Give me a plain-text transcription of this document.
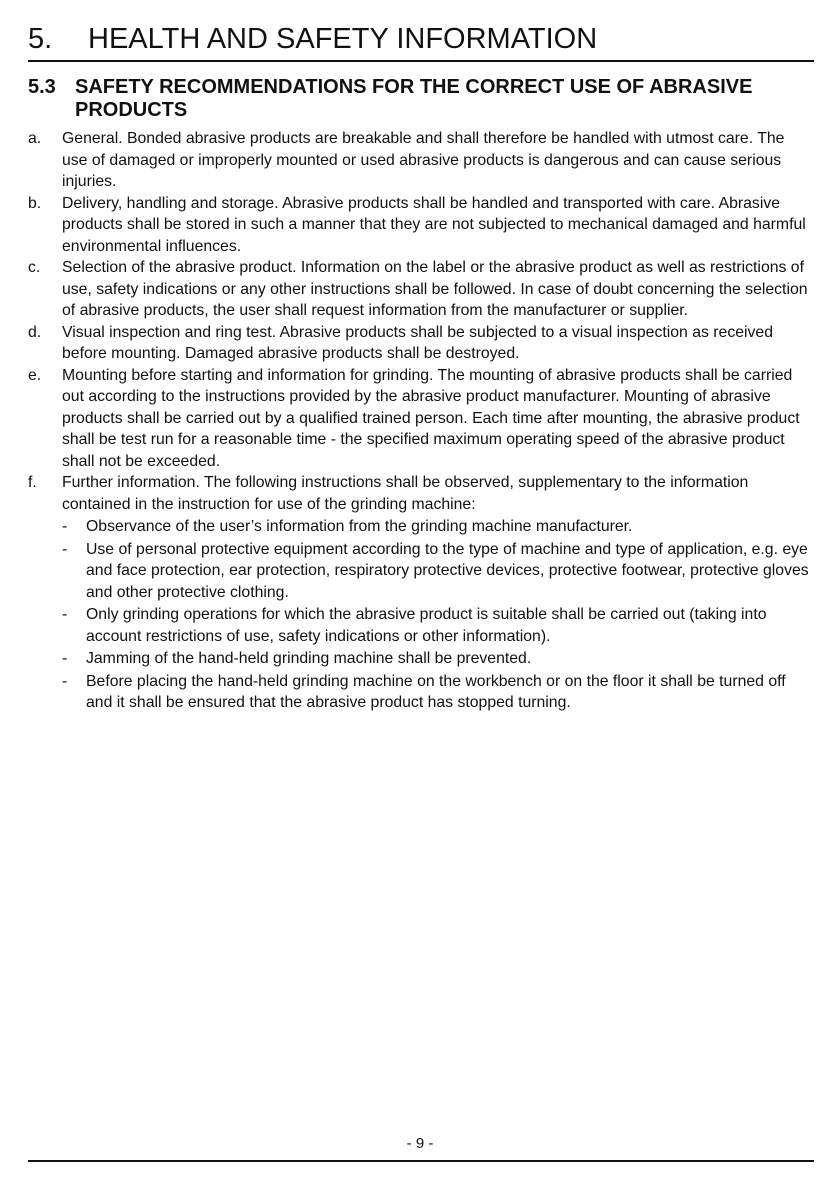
5. HEALTH AND SAFETY INFORMATION
5.3 SAFETY RECOMMENDATIONS FOR THE CORRECT USE OF ABRASIVE PRODUCTS
a. General. Bonded abrasive products are breakable and shall therefore be handled with utmost care. The use of damaged or improperly mounted or used abrasive products is dangerous and can cause serious injuries.
b. Delivery, handling and storage. Abrasive products shall be handled and transported with care. Abrasive products shall be stored in such a manner that they are not subjected to mechanical damaged and harmful environmental influences.
c. Selection of the abrasive product. Information on the label or the abrasive product as well as restrictions of use, safety indications or any other instructions shall be followed. In case of doubt concerning the selection of abrasive products, the user shall request information from the manufacturer or supplier.
d. Visual inspection and ring test. Abrasive products shall be subjected to a visual inspection as received before mounting. Damaged abrasive products shall be destroyed.
e. Mounting before starting and information for grinding. The mounting of abrasive products shall be carried out according to the instructions provided by the abrasive product manufacturer. Mounting of abrasive products shall be carried out by a qualified trained person. Each time after mounting, the abrasive product shall be test run for a reasonable time - the specified maximum operating speed of the abrasive product shall not be exceeded.
f. Further information. The following instructions shall be observed, supplementary to the information contained in the instruction for use of the grinding machine:
- Observance of the user’s information from the grinding machine manufacturer.
- Use of personal protective equipment according to the type of machine and type of application, e.g. eye and face protection, ear protection, respiratory protective devices, protective footwear, protective gloves and other protective clothing.
- Only grinding operations for which the abrasive product is suitable shall be carried out (taking into account restrictions of use, safety indications or other information).
- Jamming of the hand-held grinding machine shall be prevented.
- Before placing the hand-held grinding machine on the workbench or on the floor it shall be turned off and it shall be ensured that the abrasive product has stopped turning.
- 9 -
